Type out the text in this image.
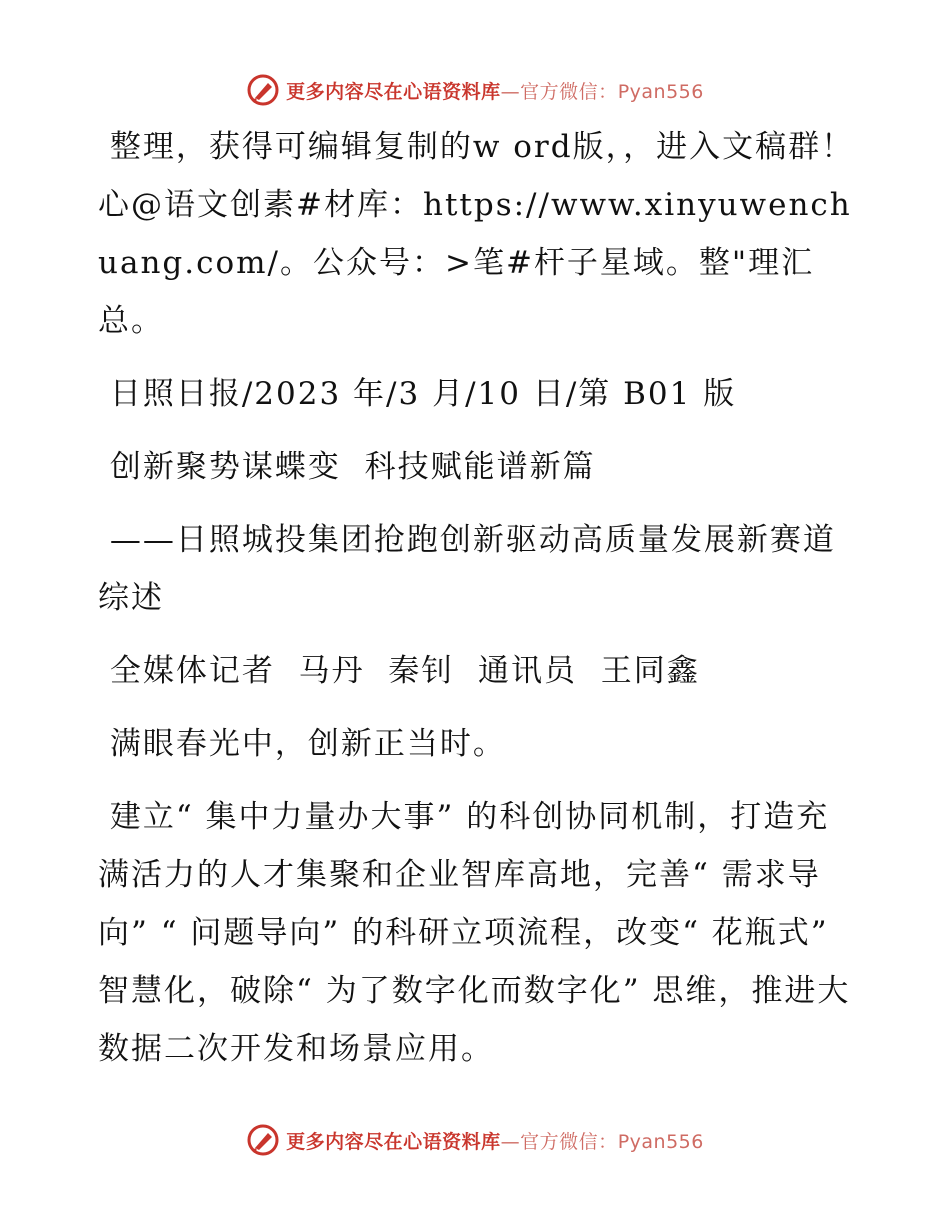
更多内容尽在心语资料库—官方微信：Pyan556

整理，获得可编辑复制的w ord版，，进入文稿群！心@语文创素#材库：https://www.xinyuwenchuang.com/。公众号：>笔#杆子星域。整"理汇总。

日照日报/2023 年/3 月/10 日/第 B01 版

创新聚势谋蝶变  科技赋能谱新篇

——日照城投集团抢跑创新驱动高质量发展新赛道综述

全媒体记者  马丹  秦钊  通讯员  王同鑫

满眼春光中，创新正当时。

建立“ 集中力量办大事” 的科创协同机制，打造充满活力的人才集聚和企业智库高地，完善“ 需求导向” “ 问题导向” 的科研立项流程，改变“ 花瓶式” 智慧化，破除“ 为了数字化而数字化” 思维，推进大数据二次开发和场景应用。

更多内容尽在心语资料库—官方微信：Pyan556
